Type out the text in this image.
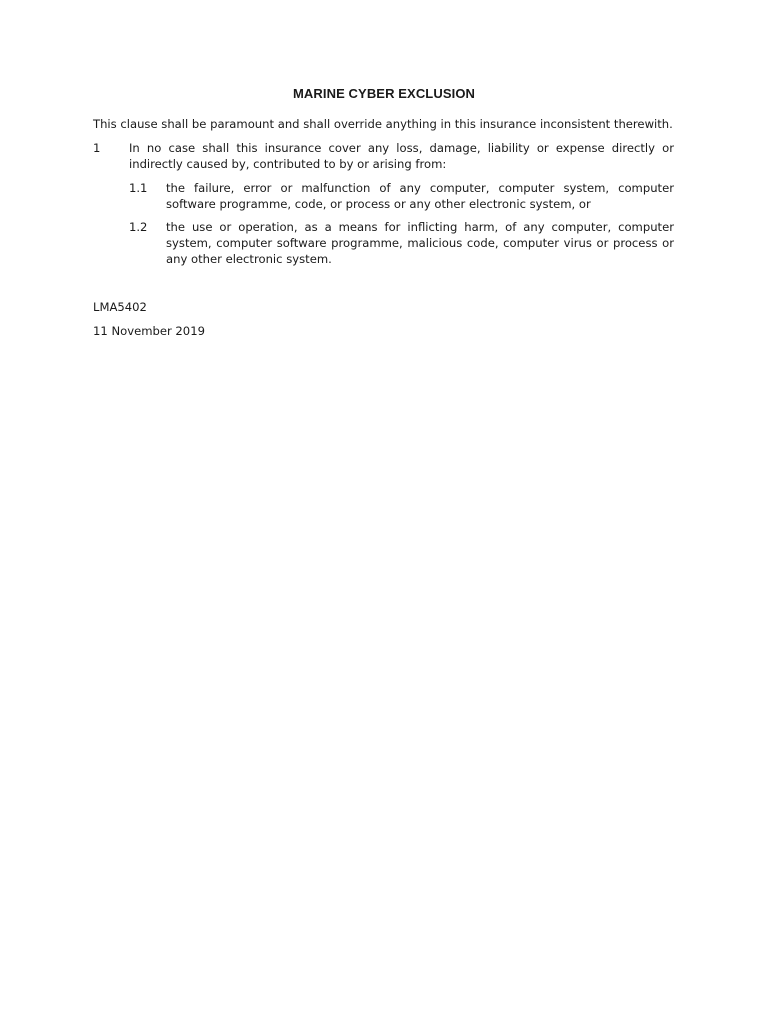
MARINE CYBER EXCLUSION
This clause shall be paramount and shall override anything in this insurance inconsistent therewith.
1 In no case shall this insurance cover any loss, damage, liability or expense directly or indirectly caused by, contributed to by or arising from:
1.1 the failure, error or malfunction of any computer, computer system, computer software programme, code, or process or any other electronic system, or
1.2 the use or operation, as a means for inflicting harm, of any computer, computer system, computer software programme, malicious code, computer virus or process or any other electronic system.
LMA5402
11 November 2019
